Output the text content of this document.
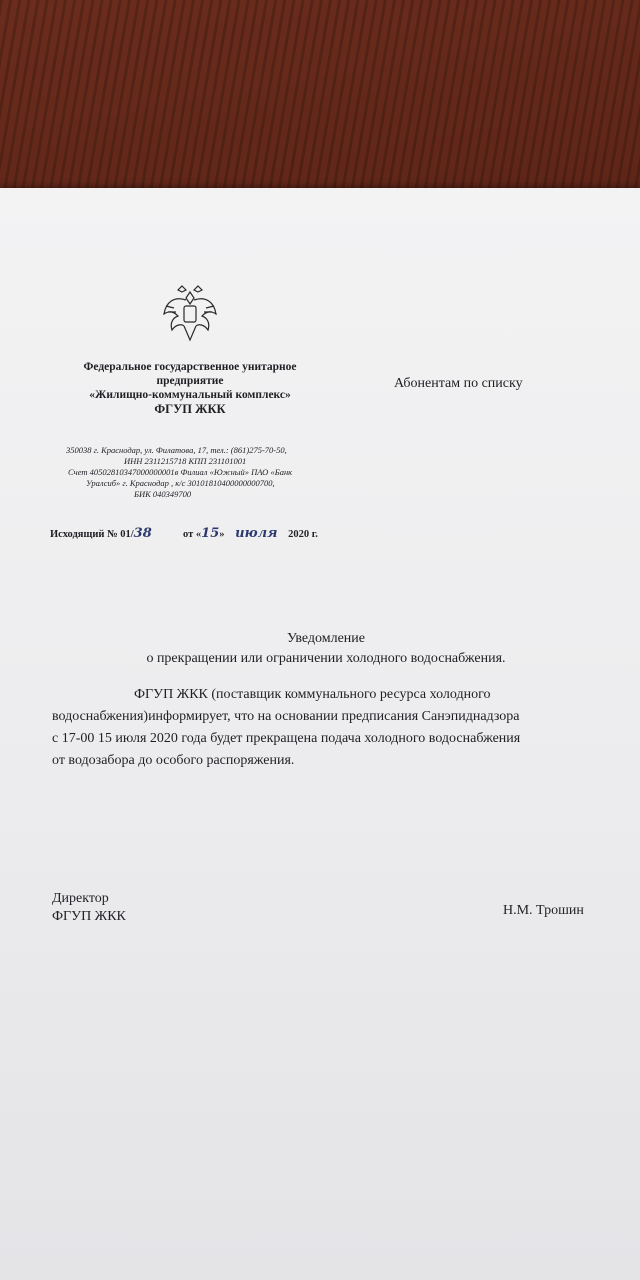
Федеральное государственное унитарное
предприятие
«Жилищно-коммунальный комплекс»
ФГУП ЖКК
Абонентам по списку
350038 г. Краснодар, ул. Филатова, 17, тел.: (861)275-70-50,
ИНН 2311215718 КПП 231101001
Счет 40502810347000000001в Филиал «Южный» ПАО «Банк
Уралсиб» г. Краснодар , к/с 30101810400000000700,
БИК 040349700
Исходящий № 01/38	от «15» июля 2020 г.
Уведомление
о прекращении или ограничении холодного водоснабжения.
ФГУП ЖКК (поставщик коммунального ресурса холодного
водоснабжения)информирует, что на основании предписания Санэпиднадзора
с 17-00 15 июля 2020 года будет прекращена подача холодного водоснабжения
от водозабора до особого распоряжения.
Директор
ФГУП ЖКК	Н.М. Трошин
